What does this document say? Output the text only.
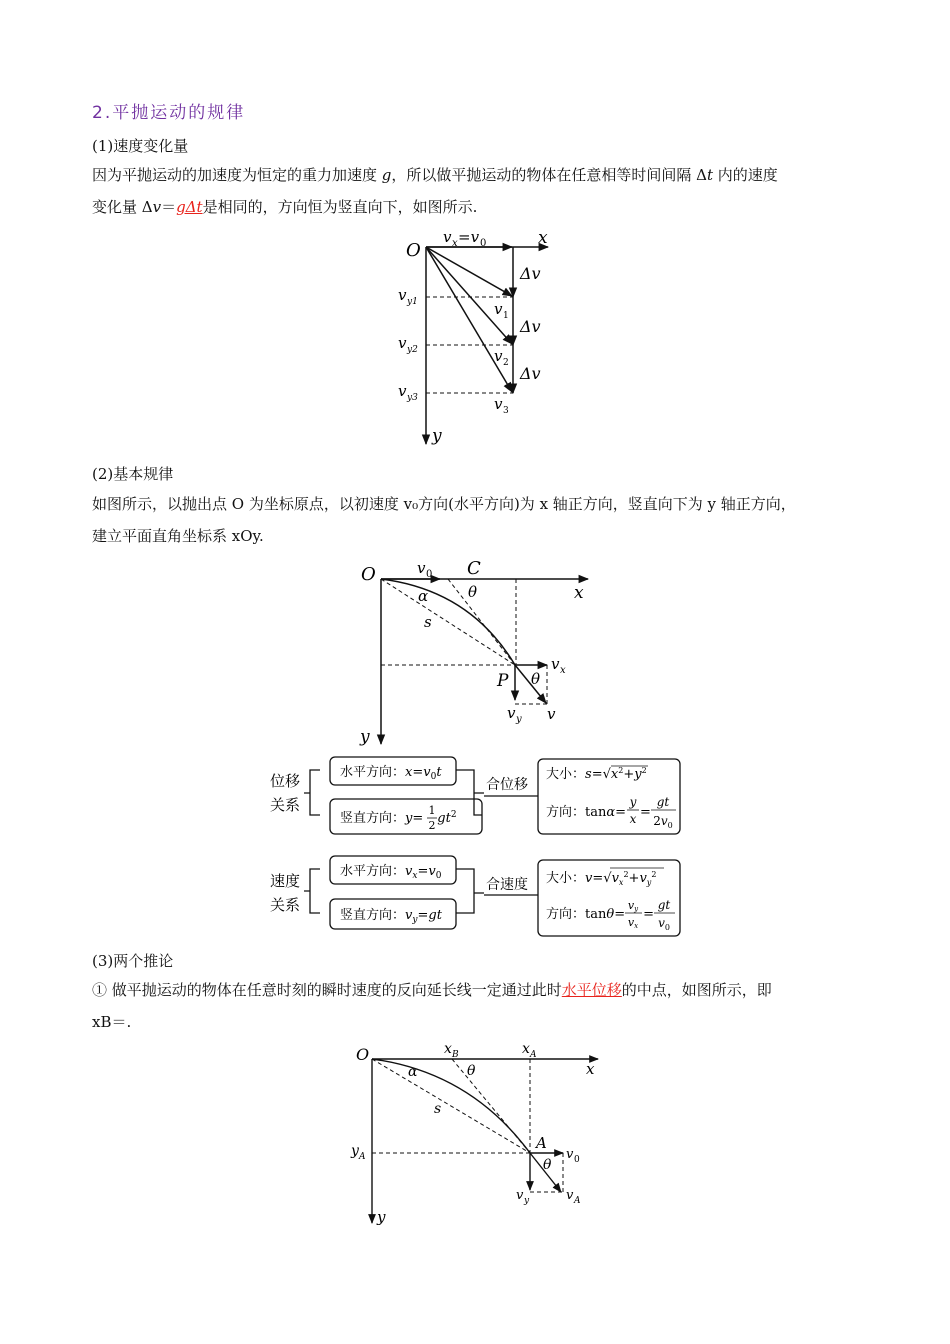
2.平抛运动的规律
(1)速度变化量
因为平抛运动的加速度为恒定的重力加速度 g，所以做平抛运动的物体在任意相等时间间隔 Δt 内的速度
变化量 Δv＝gΔt是相同的，方向恒为竖直向下，如图所示.
O
x
y
v x =v 0
Δv
Δv
Δv
v y1
v y2
v y3
v 1
v 2
v 3
(2)基本规律
如图所示，以抛出点 O 为坐标原点，以初速度 v₀方向(水平方向)为 x 轴正方向，竖直向下为 y 轴正方向，
建立平面直角坐标系 xOy.
O	v 0 C
θ	x
α
s
v x
P θ
v y v
y
位移
关系
水平方向：$x=v_0t$
竖直方向：$y= gt^2$
1
2
合位移
大小：$s=√x^2+y^2$
方向：tanα= =
y
x
gt
$2v_0$
速度
关系
水平方向：$v_x=v_0$
竖直方向：$v_y=gt$
合速度 大小：$v=√v_x^2+v_y^2$
方向：tanθ= =
vy
vx
gt
$v_0$
(3)两个推论
① 做平抛运动的物体在任意时刻的瞬时速度的反向延长线一定通过此时水平位移的中点，如图所示，即
xB＝.
O	x B	x A
x
α	θ
s
y A
A
θ
v 0
v y	v A
y
